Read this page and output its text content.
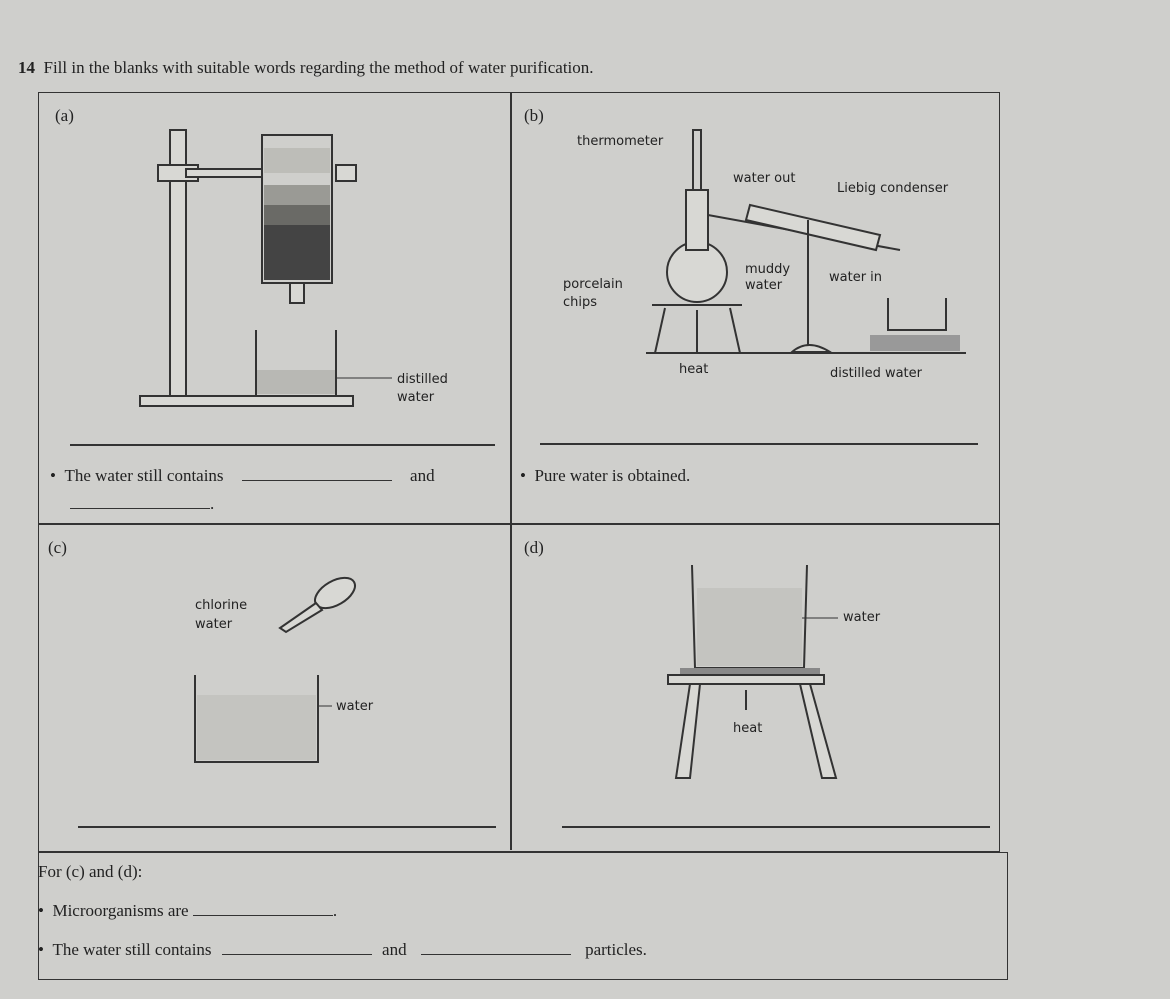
14 Fill in the blanks with suitable words regarding the method of water purification.
(a)
distilled
water
•  The water still contains	and
.
(b)
thermometer
water out
Liebig condenser
muddy
water
water in
porcelain
chips
heat	distilled water
•  Pure water is obtained.
(c)
chlorine
water
water
(d)
water
heat
For (c) and (d):
•  Microorganisms are	.
•  The water still contains	and	particles.
